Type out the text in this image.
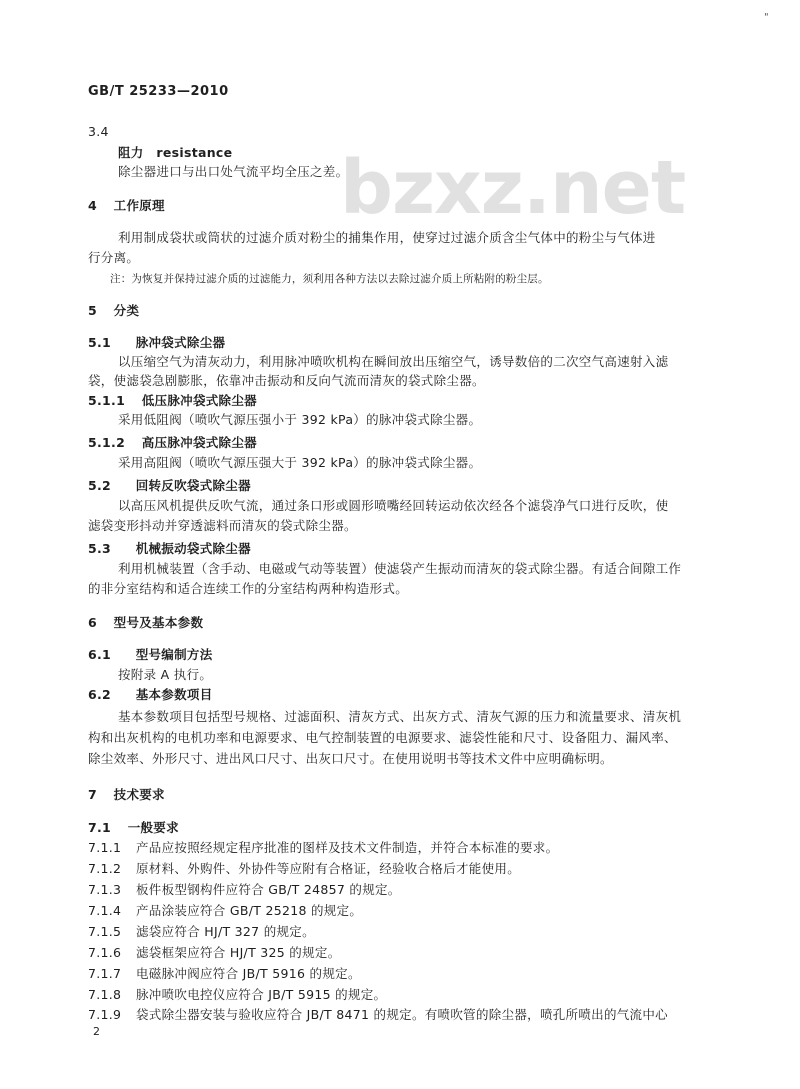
"
GB/T 25233—2010
bzxz.net
3.4
阻力　resistance
除尘器进口与出口处气流平均全压之差。
4 工作原理
利用制成袋状或筒状的过滤介质对粉尘的捕集作用，使穿过过滤介质含尘气体中的粉尘与气体进
行分离。
注：为恢复并保持过滤介质的过滤能力，须利用各种方法以去除过滤介质上所粘附的粉尘层。
5 分类
5.1 脉冲袋式除尘器
以压缩空气为清灰动力，利用脉冲喷吹机构在瞬间放出压缩空气，诱导数倍的二次空气高速射入滤
袋，使滤袋急剧膨胀，依靠冲击振动和反向气流而清灰的袋式除尘器。
5.1.1 低压脉冲袋式除尘器
采用低阻阀（喷吹气源压强小于 392 kPa）的脉冲袋式除尘器。
5.1.2 高压脉冲袋式除尘器
采用高阻阀（喷吹气源压强大于 392 kPa）的脉冲袋式除尘器。
5.2 回转反吹袋式除尘器
以高压风机提供反吹气流，通过条口形或圆形喷嘴经回转运动依次经各个滤袋净气口进行反吹，使
滤袋变形抖动并穿透滤料而清灰的袋式除尘器。
5.3 机械振动袋式除尘器
利用机械装置（含手动、电磁或气动等装置）使滤袋产生振动而清灰的袋式除尘器。有适合间隙工作
的非分室结构和适合连续工作的分室结构两种构造形式。
6 型号及基本参数
6.1 型号编制方法
按附录 A 执行。
6.2 基本参数项目
基本参数项目包括型号规格、过滤面积、清灰方式、出灰方式、清灰气源的压力和流量要求、清灰机
构和出灰机构的电机功率和电源要求、电气控制装置的电源要求、滤袋性能和尺寸、设备阻力、漏风率、
除尘效率、外形尺寸、进出风口尺寸、出灰口尺寸。在使用说明书等技术文件中应明确标明。
7 技术要求
7.1 一般要求
7.1.1 产品应按照经规定程序批准的图样及技术文件制造，并符合本标准的要求。
7.1.2 原材料、外购件、外协件等应附有合格证，经验收合格后才能使用。
7.1.3 板件板型钢构件应符合 GB/T 24857 的规定。
7.1.4 产品涂装应符合 GB/T 25218 的规定。
7.1.5 滤袋应符合 HJ/T 327 的规定。
7.1.6 滤袋框架应符合 HJ/T 325 的规定。
7.1.7 电磁脉冲阀应符合 JB/T 5916 的规定。
7.1.8 脉冲喷吹电控仪应符合 JB/T 5915 的规定。
7.1.9 袋式除尘器安装与验收应符合 JB/T 8471 的规定。有喷吹管的除尘器，喷孔所喷出的气流中心
2
